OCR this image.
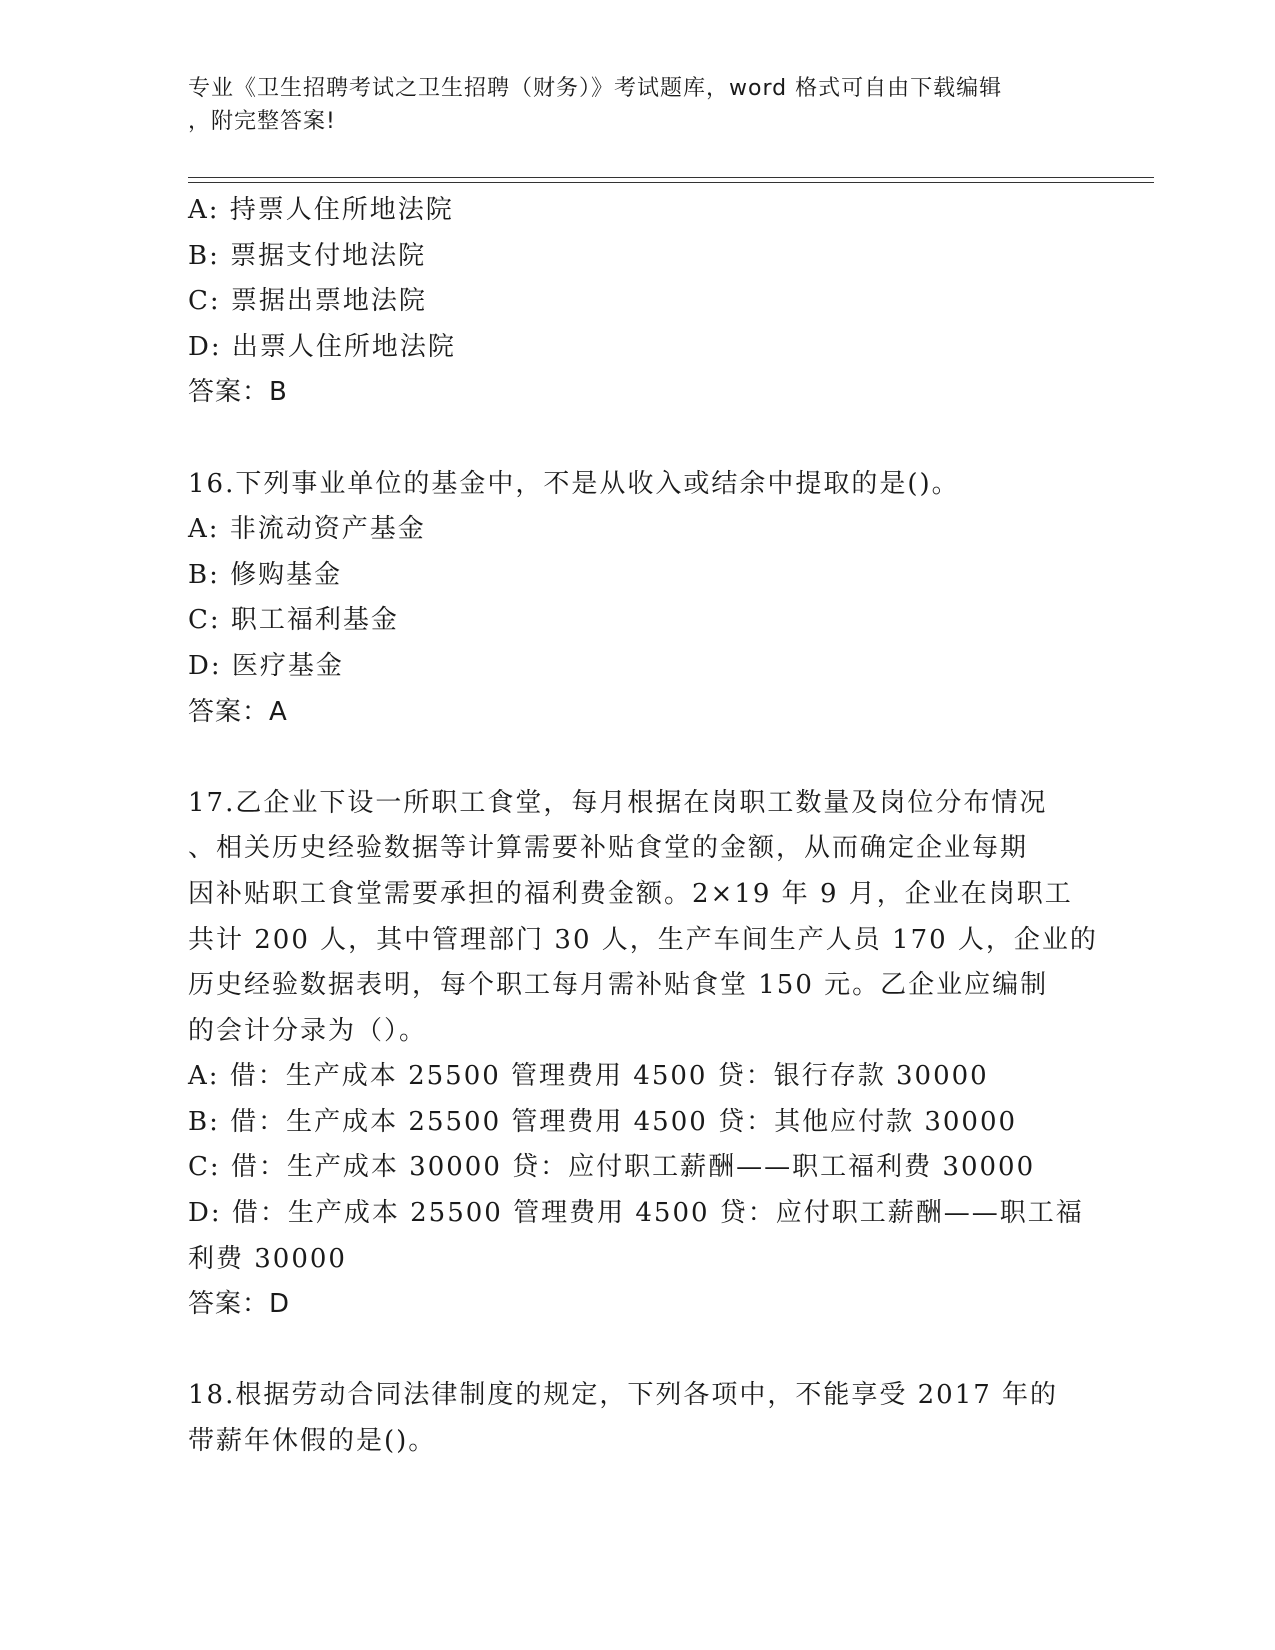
专业《卫生招聘考试之卫生招聘（财务）》考试题库，word 格式可自由下载编辑
，附完整答案!
A: 持票人住所地法院
B: 票据支付地法院
C: 票据出票地法院
D: 出票人住所地法院
答案：B
16.下列事业单位的基金中，不是从收入或结余中提取的是()。
A: 非流动资产基金
B: 修购基金
C: 职工福利基金
D: 医疗基金
答案：A
17.乙企业下设一所职工食堂，每月根据在岗职工数量及岗位分布情况
、相关历史经验数据等计算需要补贴食堂的金额，从而确定企业每期
因补贴职工食堂需要承担的福利费金额。2×19 年 9 月，企业在岗职工
共计 200 人，其中管理部门 30 人，生产车间生产人员 170 人，企业的
历史经验数据表明，每个职工每月需补贴食堂 150 元。乙企业应编制
的会计分录为（）。
A: 借：生产成本 25500 管理费用 4500 贷：银行存款 30000
B: 借：生产成本 25500 管理费用 4500 贷：其他应付款 30000
C: 借：生产成本 30000 贷：应付职工薪酬——职工福利费 30000
D: 借：生产成本 25500 管理费用 4500 贷：应付职工薪酬——职工福
利费 30000
答案：D
18.根据劳动合同法律制度的规定，下列各项中，不能享受 2017 年的
带薪年休假的是()。
